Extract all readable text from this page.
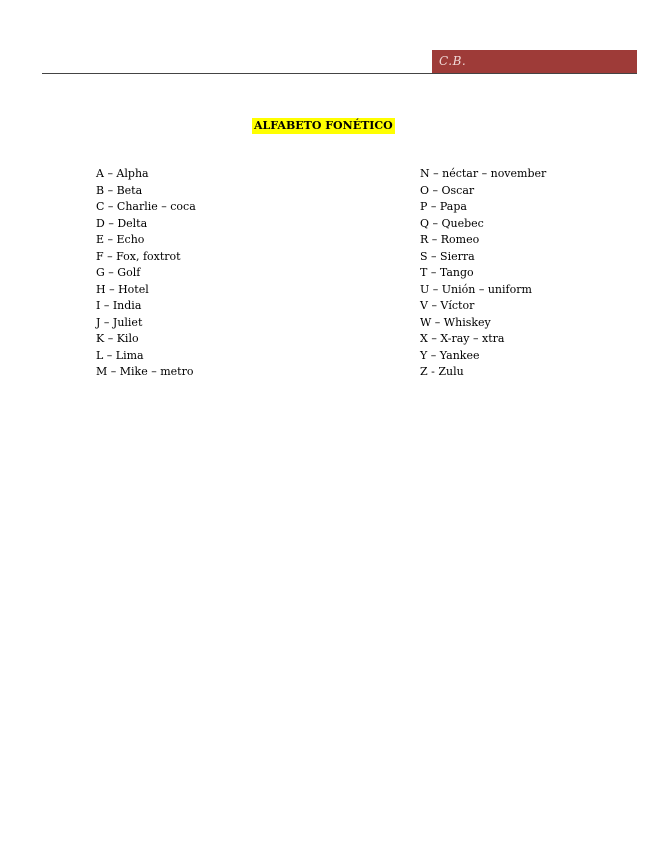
C.B.
ALFABETO FONÉTICO
A – Alpha
B – Beta
C – Charlie – coca
D – Delta
E – Echo
F – Fox, foxtrot
G – Golf
H – Hotel
I – India
J – Juliet
K – Kilo
L – Lima
M – Mike – metro
N – néctar – november
O – Oscar
P – Papa
Q – Quebec
R – Romeo
S – Sierra
T – Tango
U – Unión – uniform
V – Víctor
W – Whiskey
X – X-ray – xtra
Y – Yankee
Z - Zulu
